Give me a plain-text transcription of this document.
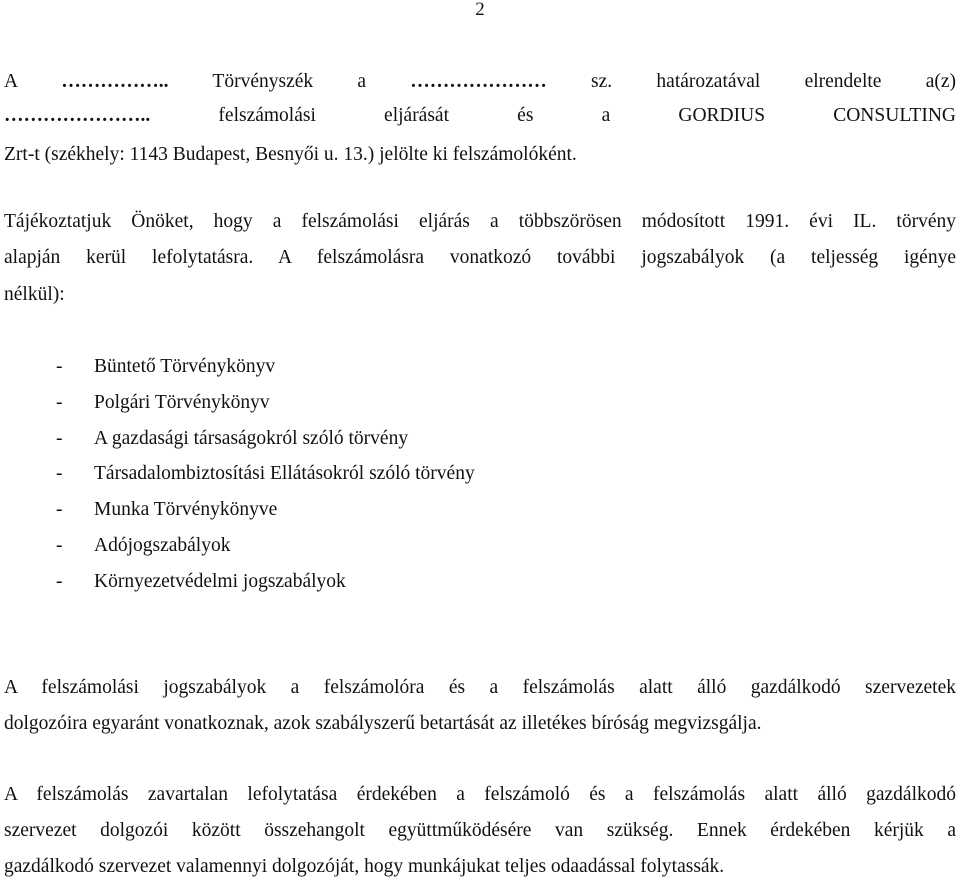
2
A …………….. Törvényszék a ………………… sz. határozatával elrendelte a(z)
…………………..	felszámolási eljárását és a GORDIUS CONSULTING
Zrt-t (székhely: 1143 Budapest, Besnyői u. 13.) jelölte ki felszámolóként.
Tájékoztatjuk Önöket, hogy a felszámolási eljárás a többszörösen módosított 1991. évi IL. törvény
alapján kerül lefolytatásra. A felszámolásra vonatkozó további jogszabályok (a teljesség igénye
nélkül):
- Büntető Törvénykönyv
- Polgári Törvénykönyv
- A gazdasági társaságokról szóló törvény
- Társadalombiztosítási Ellátásokról szóló törvény
- Munka Törvénykönyve
- Adójogszabályok
- Környezetvédelmi jogszabályok
A felszámolási jogszabályok a felszámolóra és a felszámolás alatt álló gazdálkodó szervezetek
dolgozóira egyaránt vonatkoznak, azok szabályszerű betartását az illetékes bíróság megvizsgálja.
A felszámolás zavartalan lefolytatása érdekében a felszámoló és a felszámolás alatt álló gazdálkodó
szervezet dolgozói között összehangolt együttműködésére van szükség. Ennek érdekében kérjük a
gazdálkodó szervezet valamennyi dolgozóját, hogy munkájukat teljes odaadással folytassák.
